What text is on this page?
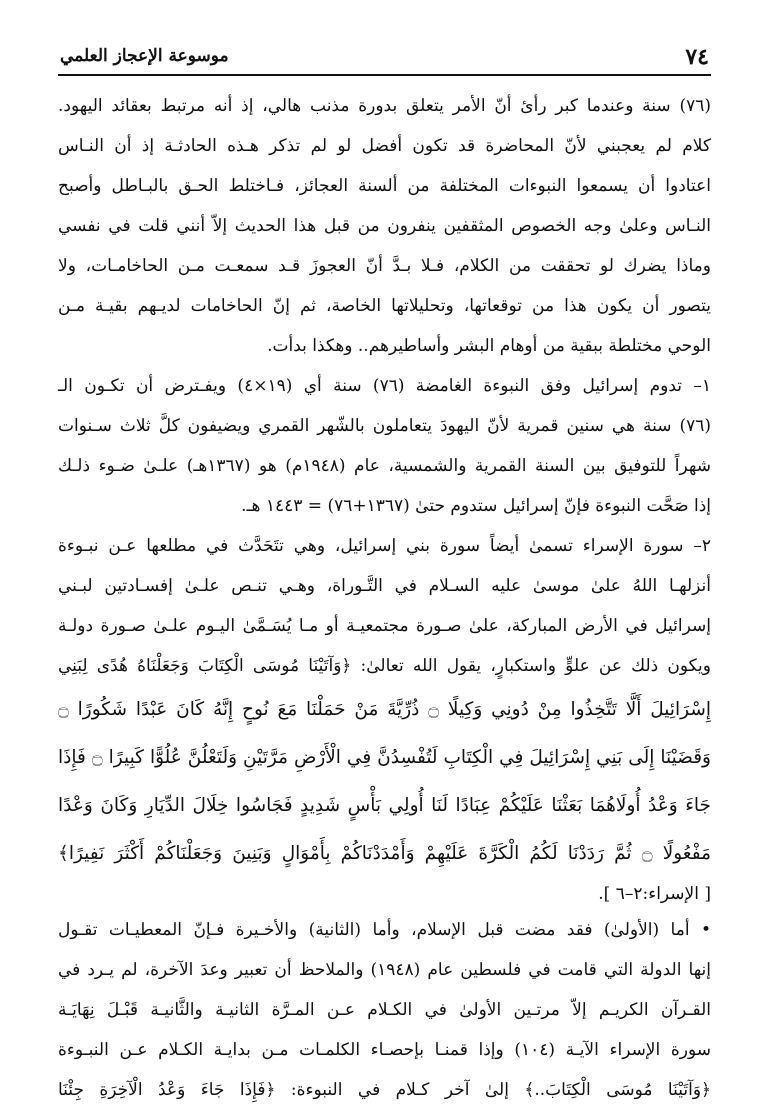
٧٤
موسوعة الإعجاز العلمي
(٧٦) سنة وعندما كبر رأئ أنّ الأمر يتعلق بدورة مذنب هالي، إذ أنه مرتبط بعقائد اليهود.
كلام لم يعجبني لأنّ المحاضرة قد تكون أفضل لو لم تذكر هـذه الحادثـة إذ أن النـاس
اعتادوا أن يسمعوا النبوءات المختلفة من ألسنة العجائز، فـاختلط الحـق بالبـاطل وأصبح
النـاس وعلىٰ وجه الخصوص المثقفين ينفرون من قبل هذا الحديث إلاّ أنني قلت في نفسي
وماذا يضرك لو تحققت من الكلام، فـلا بـدَّ أنّ العجوزَ قـد سمعـت مـن الحاخامـات، ولا
يتصور أن يكون هذا من توقعاتها، وتحليلاتها الخاصة، ثم إنّ الحاخامات لديـهم بقيـة مـن
الوحي مختلطة ببقية من أوهام البشر وأساطيرهم.. وهكذا بدأت.
١– تدوم إسرائيل وفق النبوءة الغامضة (٧٦) سنة أي (١٩×٤) ويفـترض أن تكـون الـ
(٧٦) سنة هي سنين قمرية لأنّ اليهودَ يتعاملون بالشّهر القمري ويضيفون كلَّ ثلاث سـنوات
شهراً للتوفيق بين السنة القمرية والشمسية، عام (١٩٤٨م) هو (١٣٦٧هـ) علـىٰ ضـوء ذلـك
إذا صَحَّت النبوءة فإنّ إسرائيل ستدوم حتىٰ (١٣٦٧+٧٦) = ١٤٤٣ هـ.
٢– سورة الإسراء تسمىٰ أيضاً سورة بني إسرائيل، وهي تتَحَدَّث في مطلعها عـن نبـوءة
أنزلهـا اللهُ علىٰ موسىٰ عليه السـلام في التَّـوراة، وهـي تنـص علـىٰ إفسـادتين لبـني
إسرائيل في الأرض المباركة، علىٰ صـورة مجتمعيـة أو مـا يُسَـمَّىٰ اليـوم علـىٰ صـورة دولـة
ويكون ذلك عن علوٍّ واستكبارٍ، يقول الله تعالىٰ: ﴿وَآتَيْنَا مُوسَى الْكِتَابَ وَجَعَلْنَاهُ هُدًى لِبَنِي
إِسْرَائِيلَ أَلَّا تَتَّخِذُوا مِنْ دُونِي وَكِيلًا ۝ ذُرِّيَّةَ مَنْ حَمَلْنَا مَعَ نُوحٍ إِنَّهُ كَانَ عَبْدًا شَكُورًا ۝
وَقَضَيْنَا إِلَى بَنِي إِسْرَائِيلَ فِي الْكِتَابِ لَتُفْسِدُنَّ فِي الْأَرْضِ مَرَّتَيْنِ وَلَتَعْلُنَّ عُلُوًّا كَبِيرًا ۝ فَإِذَا
جَاءَ وَعْدُ أُولَاهُمَا بَعَثْنَا عَلَيْكُمْ عِبَادًا لَنَا أُولِي بَأْسٍ شَدِيدٍ فَجَاسُوا خِلَالَ الدِّيَارِ وَكَانَ وَعْدًا
مَفْعُولًا ۝ ثُمَّ رَدَدْنَا لَكُمُ الْكَرَّةَ عَلَيْهِمْ وَأَمْدَدْنَاكُمْ بِأَمْوَالٍ وَبَنِينَ وَجَعَلْنَاكُمْ أَكْثَرَ نَفِيرًا﴾
[ الإسراء:٢–٦ ].
• أما (الأولىٰ) فقد مضت قبل الإسلام، وأما (الثانية) والأخـيرة فـإنّ المعطيـات تقـول
إنها الدولة التي قامت في فلسطين عام (١٩٤٨) والملاحظ أن تعبير وعدَ الآخرة، لم يـرد في
القـرآن الكريـم إلاّ مرتـين الأولىٰ في الكـلام عـن المـرَّة الثانيـة والثَّانيـة قَبْـلَ نِهَايَـة
سورة الإسراء الآيـة (١٠٤) وإذا قمنـا بإحصـاء الكلمـات مـن بدايـة الكـلام عـن النبـوءة
﴿وَآتَيْنَا مُوسَى الْكِتَابَ..﴾ إلىٰ آخر كـلام في النبوءة: ﴿فَإِذَا جَاءَ وَعْدُ الْآخِرَةِ جِئْنَا
